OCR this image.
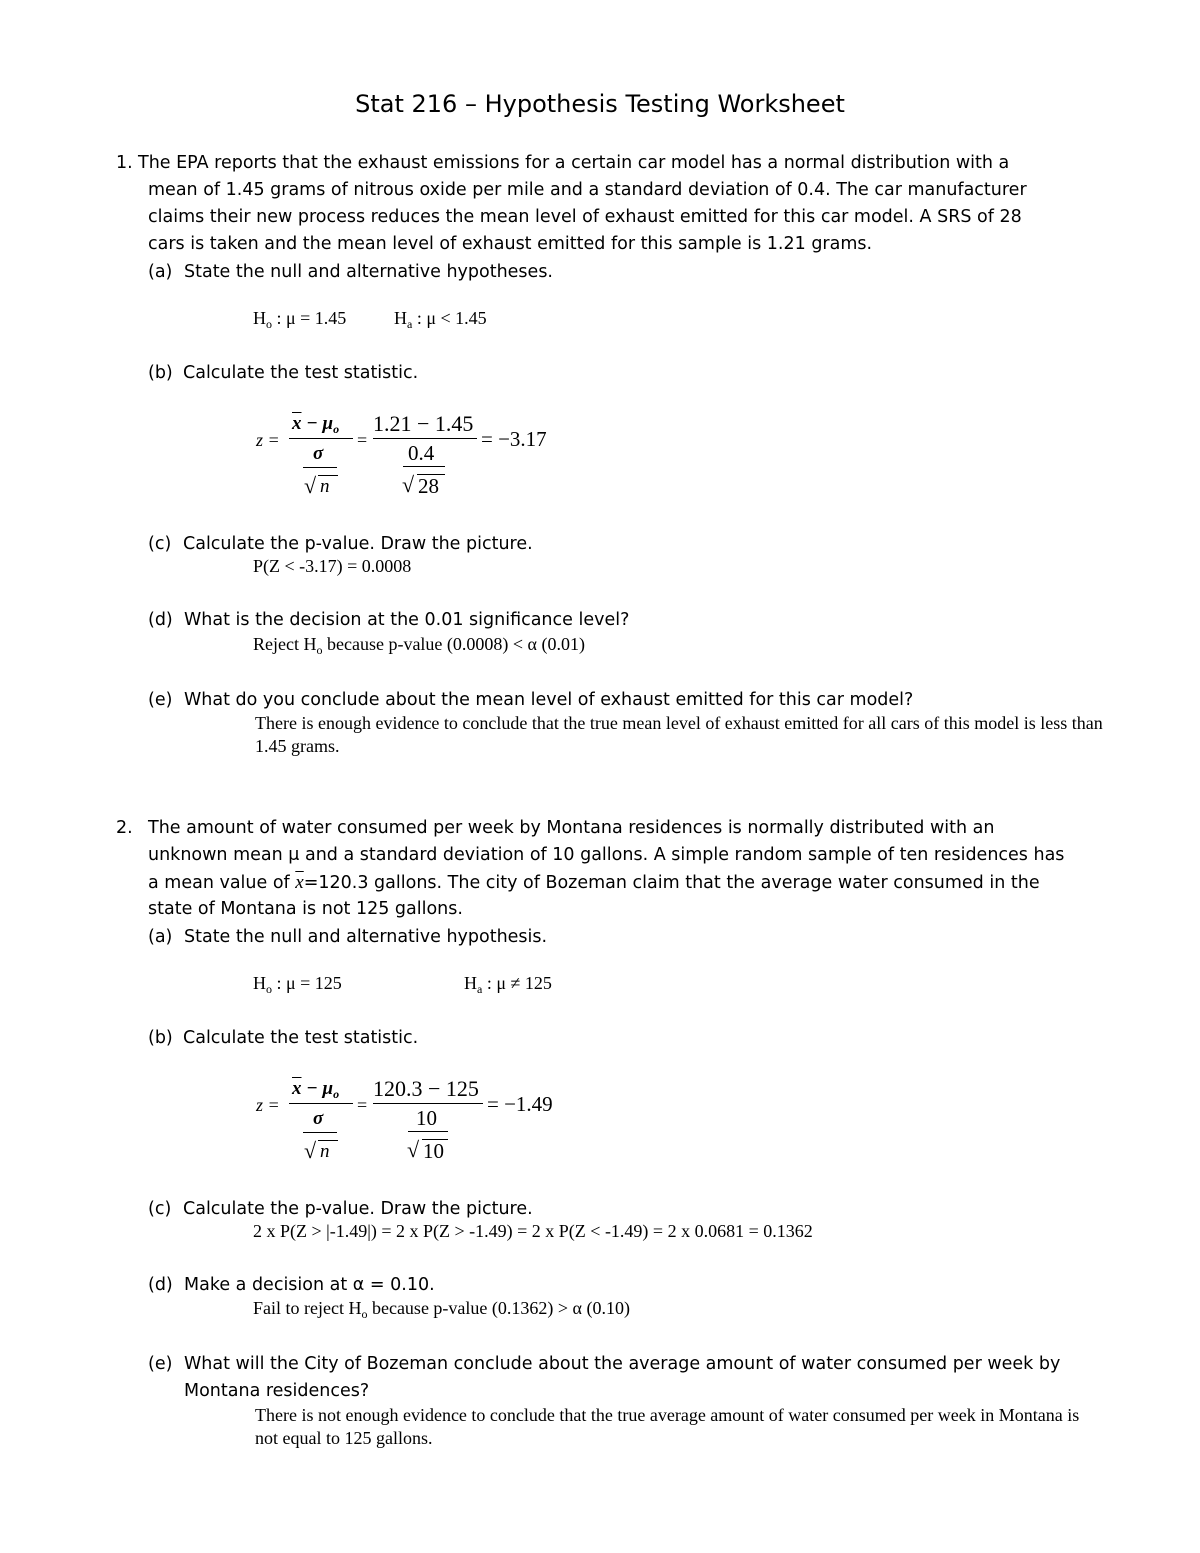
Stat 216 – Hypothesis Testing Worksheet
1. The EPA reports that the exhaust emissions for a certain car model has a normal distribution with a
mean of 1.45 grams of nitrous oxide per mile and a standard deviation of 0.4. The car manufacturer
claims their new process reduces the mean level of exhaust emitted for this car model. A SRS of 28
cars is taken and the mean level of exhaust emitted for this sample is 1.21 grams.
(a) State the null and alternative hypotheses.
$H_o$ : μ = 1.45	$H_a$ : μ < 1.45
(b) Calculate the test statistic.
z =
$\overline{x} - \mu_o$
σ
√ n
=
1.21 − 1.45
0.4
√ 28
= −3.17
(c) Calculate the p-value. Draw the picture.
P(Z < -3.17) = 0.0008
(d) What is the decision at the 0.01 significance level?
Reject $H_o$ because p-value (0.0008) < α (0.01)
(e) What do you conclude about the mean level of exhaust emitted for this car model?
There is enough evidence to conclude that the true mean level of exhaust emitted for all cars of this model is less than 1.45 grams.
2. The amount of water consumed per week by Montana residences is normally distributed with an
unknown mean μ and a standard deviation of 10 gallons. A simple random sample of ten residences has
a mean value of $\overline{x}=120.3$ gallons. The city of Bozeman claim that the average water consumed in the
state of Montana is not 125 gallons.
(a) State the null and alternative hypothesis.
$H_o$ : μ = 125	$H_a$ : μ ≠ 125
(b) Calculate the test statistic.
z =
$\overline{x} - \mu_o$
σ
√ n
=
120.3 − 125
10
√ 10
= −1.49
(c) Calculate the p-value. Draw the picture.
2 x P(Z > |-1.49|) = 2 x P(Z > -1.49) = 2 x P(Z < -1.49) = 2 x 0.0681 = 0.1362
(d) Make a decision at α = 0.10.
Fail to reject $H_o$ because p-value (0.1362) > α (0.10)
(e) What will the City of Bozeman conclude about the average amount of water consumed per week by
Montana residences?
There is not enough evidence to conclude that the true average amount of water consumed per week in Montana is not equal to 125 gallons.
